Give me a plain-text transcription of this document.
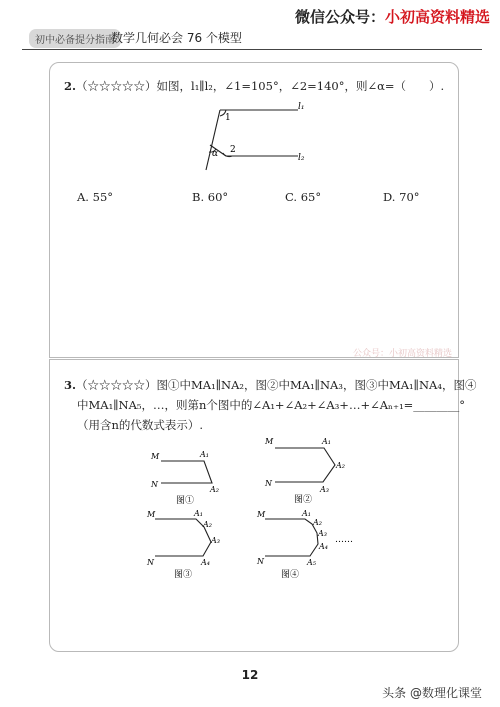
微信公众号：小初高资料精选
初中必备提分指南
数学几何必会 76 个模型
2.（☆☆☆☆☆）如图，l₁∥l₂，∠1=105°，∠2=140°，则∠α=（　　）.
l₁
l₂
1
2
α
A. 55°	B. 60°	C. 65°	D. 70°
公众号：小初高资料精选
3.（☆☆☆☆☆）图①中MA₁∥NA₂，图②中MA₁∥NA₃，图③中MA₁∥NA₄，图④
中MA₁∥NA₅，…，则第n个图中的∠A₁+∠A₂+∠A₃+…+∠Aₙ₊₁=________°
（用含n的代数式表示）.
M
N
A₁
A₂
图①
M
N
A₁
A₂
A₃
图②
M
N
A₁
A₂
A₃
A₄
图③
M
N
A₁
A₂
A₃
A₄
A₅
……
图④
12
头条 @数理化课堂
